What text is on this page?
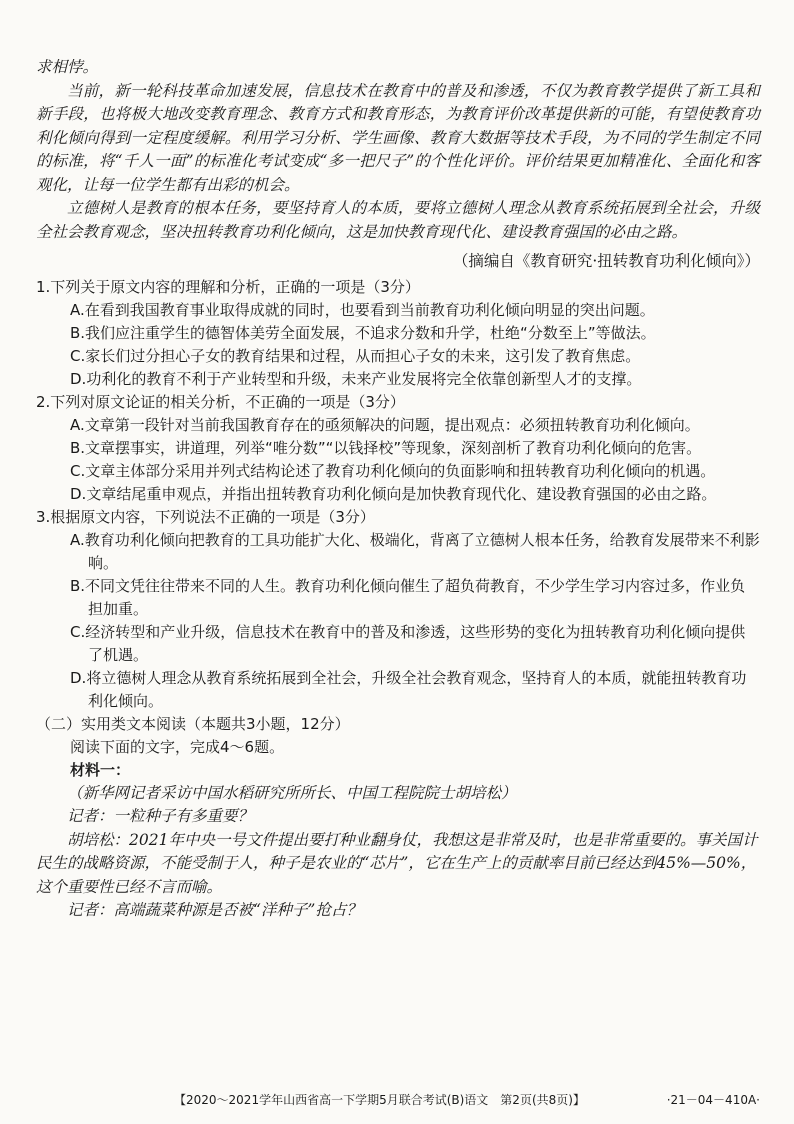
求相悖。

当前，新一轮科技革命加速发展，信息技术在教育中的普及和渗透，不仅为教育教学提供了新工具和新手段，也将极大地改变教育理念、教育方式和教育形态，为教育评价改革提供新的可能，有望使教育功利化倾向得到一定程度缓解。利用学习分析、学生画像、教育大数据等技术手段，为不同的学生制定不同的标准，将“千人一面”的标准化考试变成“多一把尺子”的个性化评价。评价结果更加精准化、全面化和客观化，让每一位学生都有出彩的机会。

立德树人是教育的根本任务，要坚持育人的本质，要将立德树人理念从教育系统拓展到全社会，升级全社会教育观念，坚决扭转教育功利化倾向，这是加快教育现代化、建设教育强国的必由之路。

（摘编自《教育研究·扭转教育功利化倾向》）

1.下列关于原文内容的理解和分析，正确的一项是（3分）

A.在看到我国教育事业取得成就的同时，也要看到当前教育功利化倾向明显的突出问题。

B.我们应注重学生的德智体美劳全面发展，不追求分数和升学，杜绝“分数至上”等做法。

C.家长们过分担心子女的教育结果和过程，从而担心子女的未来，这引发了教育焦虑。

D.功利化的教育不利于产业转型和升级，未来产业发展将完全依靠创新型人才的支撑。

2.下列对原文论证的相关分析，不正确的一项是（3分）

A.文章第一段针对当前我国教育存在的亟须解决的问题，提出观点：必须扭转教育功利化倾向。

B.文章摆事实，讲道理，列举“唯分数”“以钱择校”等现象，深刻剖析了教育功利化倾向的危害。

C.文章主体部分采用并列式结构论述了教育功利化倾向的负面影响和扭转教育功利化倾向的机遇。

D.文章结尾重申观点，并指出扭转教育功利化倾向是加快教育现代化、建设教育强国的必由之路。

3.根据原文内容，下列说法不正确的一项是（3分）

A.教育功利化倾向把教育的工具功能扩大化、极端化，背离了立德树人根本任务，给教育发展带来不利影响。

B.不同文凭往往带来不同的人生。教育功利化倾向催生了超负荷教育，不少学生学习内容过多，作业负担加重。

C.经济转型和产业升级，信息技术在教育中的普及和渗透，这些形势的变化为扭转教育功利化倾向提供了机遇。

D.将立德树人理念从教育系统拓展到全社会，升级全社会教育观念，坚持育人的本质，就能扭转教育功利化倾向。

（二）实用类文本阅读（本题共3小题，12分）

阅读下面的文字，完成4～6题。

材料一：

（新华网记者采访中国水稻研究所所长、中国工程院院士胡培松）

记者：一粒种子有多重要？

胡培松：2021年中央一号文件提出要打种业翻身仗，我想这是非常及时，也是非常重要的。事关国计民生的战略资源，不能受制于人，种子是农业的“芯片”，它在生产上的贡献率目前已经达到45%—50%，这个重要性已经不言而喻。

记者：高端蔬菜种源是否被“洋种子”抢占？

【2020～2021学年山西省高一下学期5月联合考试(B)语文　第2页(共8页)】	·21－04－410A·
